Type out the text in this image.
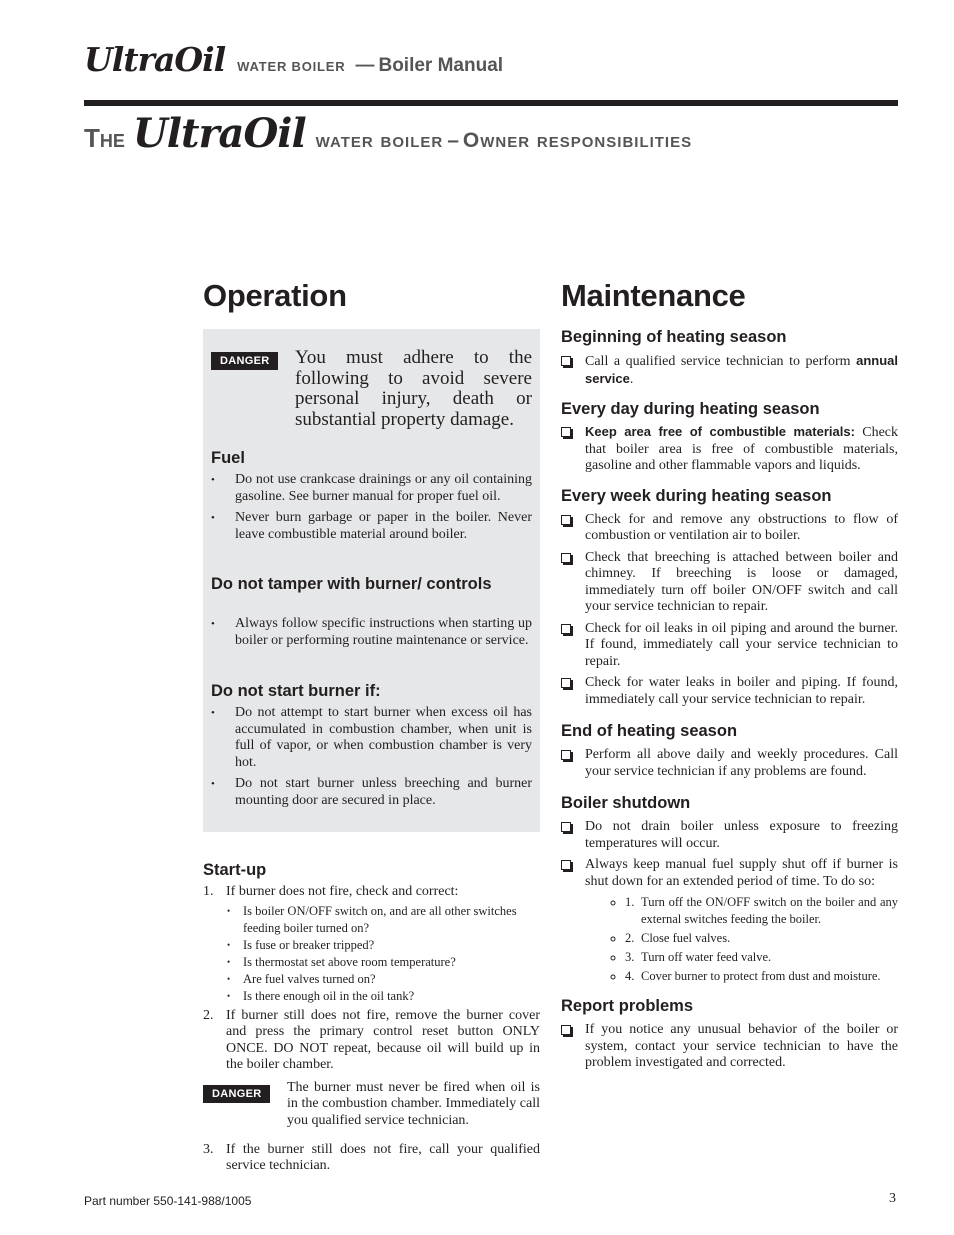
UltraOil WATER BOILER — Boiler Manual
The UltraOil water boiler – Owner responsibilities
Operation
DANGER	You must adhere to the following to avoid severe personal injury, death or substantial property damage.
Fuel
• Do not use crankcase drainings or any oil containing gasoline. See burner manual for proper fuel oil.
• Never burn garbage or paper in the boiler. Never leave combustible material around boiler.
Do not tamper with burner/ controls
• Always follow specific instructions when starting up boiler or performing routine maintenance or service.
Do not start burner if:
• Do not attempt to start burner when excess oil has accumulated in combustion chamber, when unit is full of vapor, or when combustion chamber is very hot.
• Do not start burner unless breeching and burner mounting door are secured in place.
Start-up
1. If burner does not fire, check and correct:
• Is boiler ON/OFF switch on, and are all other switches feeding boiler turned on?
• Is fuse or breaker tripped?
• Is thermostat set above room temperature?
• Are fuel valves turned on?
• Is there enough oil in the oil tank?
2. If burner still does not fire, remove the burner cover and press the primary control reset button ONLY ONCE. DO NOT repeat, because oil will build up in the boiler chamber.
DANGER	The burner must never be fired when oil is in the combustion chamber. Immediately call you qualified service technician.
3. If the burner still does not fire, call your qualified service technician.
Maintenance
Beginning of heating season
Call a qualified service technician to perform annual service.
Every day during heating season
Keep area free of combustible materials: Check that boiler area is free of combustible materials, gasoline and other flammable vapors and liquids.
Every week during heating season
Check for and remove any obstructions to flow of combustion or ventilation air to boiler.
Check that breeching is attached between boiler and chimney. If breeching is loose or damaged, immediately turn off boiler ON/OFF switch and call your service technician to repair.
Check for oil leaks in oil piping and around the burner. If found, immediately call your service technician to repair.
Check for water leaks in boiler and piping. If found, immediately call your service technician to repair.
End of heating season
Perform all above daily and weekly procedures. Call your service technician if any problems are found.
Boiler shutdown
Do not drain boiler unless exposure to freezing temperatures will occur.
Always keep manual fuel supply shut off if burner is shut down for an extended period of time. To do so:
◦ 1. Turn off the ON/OFF switch on the boiler and any external switches feeding the boiler.
◦ 2. Close fuel valves.
◦ 3. Turn off water feed valve.
◦ 4. Cover burner to protect from dust and moisture.
Report problems
If you notice any unusual behavior of the boiler or system, contact your service technician to have the problem investigated and corrected.
Part number 550-141-988/1005	3
